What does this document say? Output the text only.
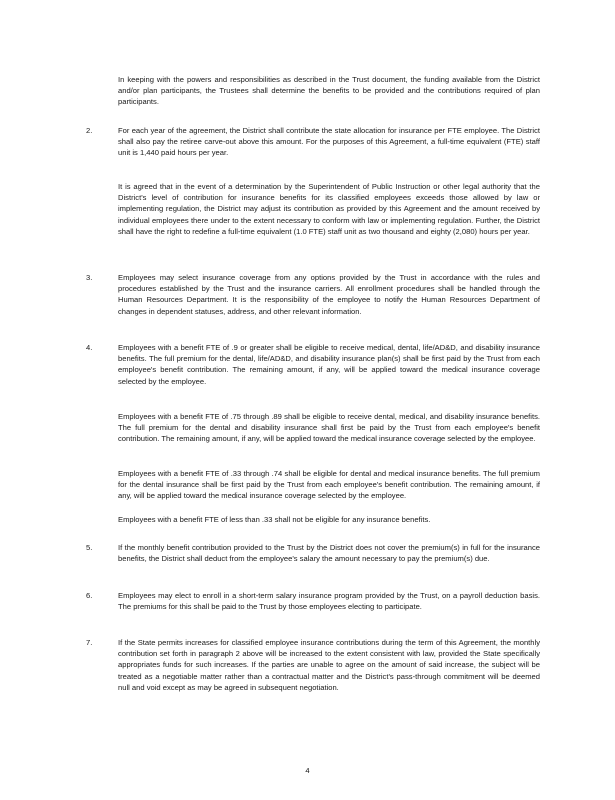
In keeping with the powers and responsibilities as described in the Trust document, the funding available from the District and/or plan participants, the Trustees shall determine the benefits to be provided and the contributions required of plan participants.

2.	For each year of the agreement, the District shall contribute the state allocation for insurance per FTE employee. The District shall also pay the retiree carve-out above this amount. For the purposes of this Agreement, a full-time equivalent (FTE) staff unit is 1,440 paid hours per year.

It is agreed that in the event of a determination by the Superintendent of Public Instruction or other legal authority that the District's level of contribution for insurance benefits for its classified employees exceeds those allowed by law or implementing regulation, the District may adjust its contribution as provided by this Agreement and the amount received by individual employees there under to the extent necessary to conform with law or implementing regulation. Further, the District shall have the right to redefine a full-time equivalent (1.0 FTE) staff unit as two thousand and eighty (2,080) hours per year.

3.	Employees may select insurance coverage from any options provided by the Trust in accordance with the rules and procedures established by the Trust and the insurance carriers. All enrollment procedures shall be handled through the Human Resources Department. It is the responsibility of the employee to notify the Human Resources Department of changes in dependent statuses, address, and other relevant information.

4.	Employees with a benefit FTE of .9 or greater shall be eligible to receive medical, dental, life/AD&D, and disability insurance benefits. The full premium for the dental, life/AD&D, and disability insurance plan(s) shall be first paid by the Trust from each employee's benefit contribution. The remaining amount, if any, will be applied toward the medical insurance coverage selected by the employee.

Employees with a benefit FTE of .75 through .89 shall be eligible to receive dental, medical, and disability insurance benefits. The full premium for the dental and disability insurance shall first be paid by the Trust from each employee's benefit contribution. The remaining amount, if any, will be applied toward the medical insurance coverage selected by the employee.

Employees with a benefit FTE of .33 through .74 shall be eligible for dental and medical insurance benefits. The full premium for the dental insurance shall be first paid by the Trust from each employee's benefit contribution. The remaining amount, if any, will be applied toward the medical insurance coverage selected by the employee.

Employees with a benefit FTE of less than .33 shall not be eligible for any insurance benefits.

5.	If the monthly benefit contribution provided to the Trust by the District does not cover the premium(s) in full for the insurance benefits, the District shall deduct from the employee's salary the amount necessary to pay the premium(s) due.

6.	Employees may elect to enroll in a short-term salary insurance program provided by the Trust, on a payroll deduction basis. The premiums for this shall be paid to the Trust by those employees electing to participate.

7.	If the State permits increases for classified employee insurance contributions during the term of this Agreement, the monthly contribution set forth in paragraph 2 above will be increased to the extent consistent with law, provided the State specifically appropriates funds for such increases. If the parties are unable to agree on the amount of said increase, the subject will be treated as a negotiable matter rather than a contractual matter and the District's pass-through commitment will be deemed null and void except as may be agreed in subsequent negotiation.

4
